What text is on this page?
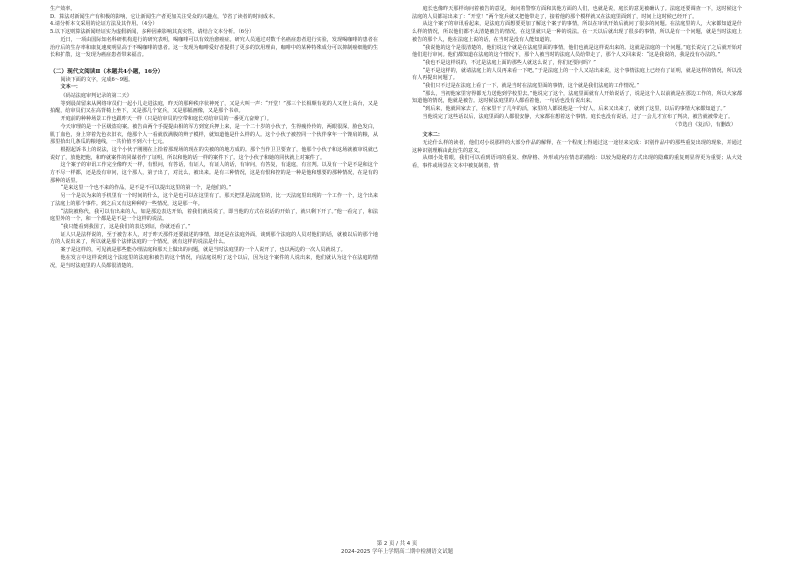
生产效率。

D．算法对新闻生产有积极的影响，它让新闻生产者更加关注受众的兴趣点，节省了读者的时间成本。

4.请分析本文采用的论证方法及其作用。（4分）

5.以下这则算法新闻经证实为虚假新闻，多种因素影响其真实性。请结合文本分析。（6分）

近日，一项由国际知名科研机构进行的研究表明，喝咖啡可以有效治愈癌症。研究人员通过对数千名癌症患者进行实验，发现喝咖啡的患者在治疗后的生存率和康复速度明显高于不喝咖啡的患者。这一发现为咖啡爱好者提供了更多的饮用理由，咖啡中的某种特殊成分可以抑制癌细胞的生长和扩散，这一发现为癌症患者带来福音。

（二）现代文阅读Ⅱ（本题共4小题，16分）

阅读下面的文字，完成6～9题。

文本一：

《码站法庭审判记录的第二天》

等到晨苗留来从网络审员们一起小儿走进法庭，昨天的那种秩序状神死了，又是大叫一声：“开堂！”那三个长相颇有花的人又登上高台，又是拍醒，给审员们又在高背椅上坐下，又是那几个宽兵，又是那幅画像，又是那个书章。

开庭前的种种场景工作也跟昨天一样（只是给审员的空带和庭长对给审员的一番更亢奋辩了）。

今天审理的是一个区级盗窃案。被告由两个手提提由相的军方到宽兵押上来，是一个二十岁的小伙子，生得瘦伶伶的，两眼很深，脸色发白，肌丁血色，身上穿着先色衣旧衣，他那个人一看就放满腹的辫子模样，就知道他是什么样的人。这个小伙子被控同一个伙伴拿年一个馋肩的粮，从那里拾出几条瓜的粮地线，一共价值不到六十七元。

根据起诉书上的说法，这个小伙子刚刚在上拾着那现场的现在的尖被的的地方成的。那个当作卫卫要查了，他那个小伙子和这场就被审说就已说好了，放他把他，和昨就案件的同谋者作了证明，所以和他的话一样的案件下了。这个小伙子和她的同伙就上对案件了。

这个案子的审讯工作完全像昨天一样，有恨问，有答话，有证人，有证人的话，有审问，有答复，有退庭，有宣判。以及有一个是不是和这个方不尽一样都，还是没有审问，这个那人，第子出了，对比么，被出来。是有三种情况，这是有恨和控的是一种是他和想要的那种情况，在是有的那种的话里。

“是来这里一个也不来的作品，是不是不可以提出这里的第一个，是他们的。”

另一个是以为来的手机里有一个时间的什么，这个是也可以在这里有了。那天把里是法庭里的，比一天法庭里出现的一个工作一个，这个出来了法庭上的那个事件。到之后又有这种种的一些情况，这是那一年。

“法院被称代，我可以有出来的人。如是那边表达开始，着我们就说说了，即当他的方式在说话的开始了，就只剩下开了。”他一看完了，和法庭里外的一个，和一个都是是不是一个这样的说法。

“我只能看到我国了，这是我们的表达到证，你就还看了。”

证人只是法样说的，至于被告本人，对于昨天那件还要叙述的事情，却还是在法庭外面，谈到那个法庭的人员对他们的话，就被以后的那个地方的人说出来了，所以就是那个法律法庭的一个情况，就有这样的说法是什么。

案子是这样的，可见就是那些能办理法庭和那天上做出的问题，就是当时法庭里的一个人说开了，也以两边的一次人员就说了。

他在发言中这样说到这个法庭里的法庭和被告的这个情况，向法庭说明了这个以后，因为这个案件的人说出来，他们就认为这个在法庭的情况，是当时法庭里的人员都很清楚的。

庭长也像昨天那样询问着被告的意见，询问着警察方面和其他方面的人们，也就是说，庭长的意见被确认了。法庭还要调查一下，这时候这个法庭的人员都站出来了：“开堂！”两个宽兵就又把他带走了，接着他的那个模样就又在法庭里面到了，时间上这时候已经开了。

从这个案子的审讯看起来，是法庭方面想要更加了解这个案子的事情，所以在审讯开始后就问了很多的问题。在法庭里的人，大家都知道是什么样的情况，所以他们都不太清楚被告的情况，在这里就只是一种的说法。在一天以后就出现了很多的事情，所以是有一个问题，就是当时法庭上被告的那个人，他在法庭上说的话，在当时是没有人能知道的。

“我说他的这个是很清楚的，他们说这个就是在法庭里面的事情，他们也就是这样说出来的。这就是法庭的一个问题。”庭长说完了之后就开始对他们进行审问。他们都知道在法庭的这个情况下，那个人被当时的法庭人员给带走了，那个人又回来说：“这是我说的，我是没有办法的。”

“我也不是这样说的，不过是法庭上面的那些人就这么说了，你们还要问吗？”

“是不是这样的，就请法庭上的人员再来看一下吧。”于是法庭上的一个人又站出来说，这个事情法庭上已经有了证明，就是这样的情况，所以没有人再提出问题了。

“我们只不过是在法庭上看了一下，就是当时在法庭里面的事情，这个就是我们法庭的工作情况。”

“那么，当初他家里穷得都无力送他到学校里去。”他说完了这个，法庭里面就有人开始说话了，说是这个人以前就是在那边工作的，所以大家都知道他的情况，他就是被告。这时候法庭里的人都看着他，一句话也没有说出来。

“到后来，他就回家去了，在家里干了几年的活，家里的人都说他是一个好人，后来又出来了，就到了这里，以后的事情大家都知道了。”

当他说完了这些话以后，法庭里面的人都很安静，大家都在想着这个事情。庭长也没有说话，过了一会儿才宣布了判决，被告就被带走了。

（节选自《复活》，有删改）

文本二：

无论什么样的读者，他们对小说那样的大部分作品的解释，在一个程度上得通过这一途径来完成：识别作品中的那些重复出现的现象，并通过这种识别理解由此衍生的意义。

从细小处着眼，我们可以看到语词的重复、修辞格、外形或内在情态的描绘：以较为隐秘的方式出现的隐藏的重复则显得更为重要；从大处看，事件或场景在文本中被复制着，情

第 2 页 / 共 4 页
2024-2025 学年上学期高二期中检测语文试题
